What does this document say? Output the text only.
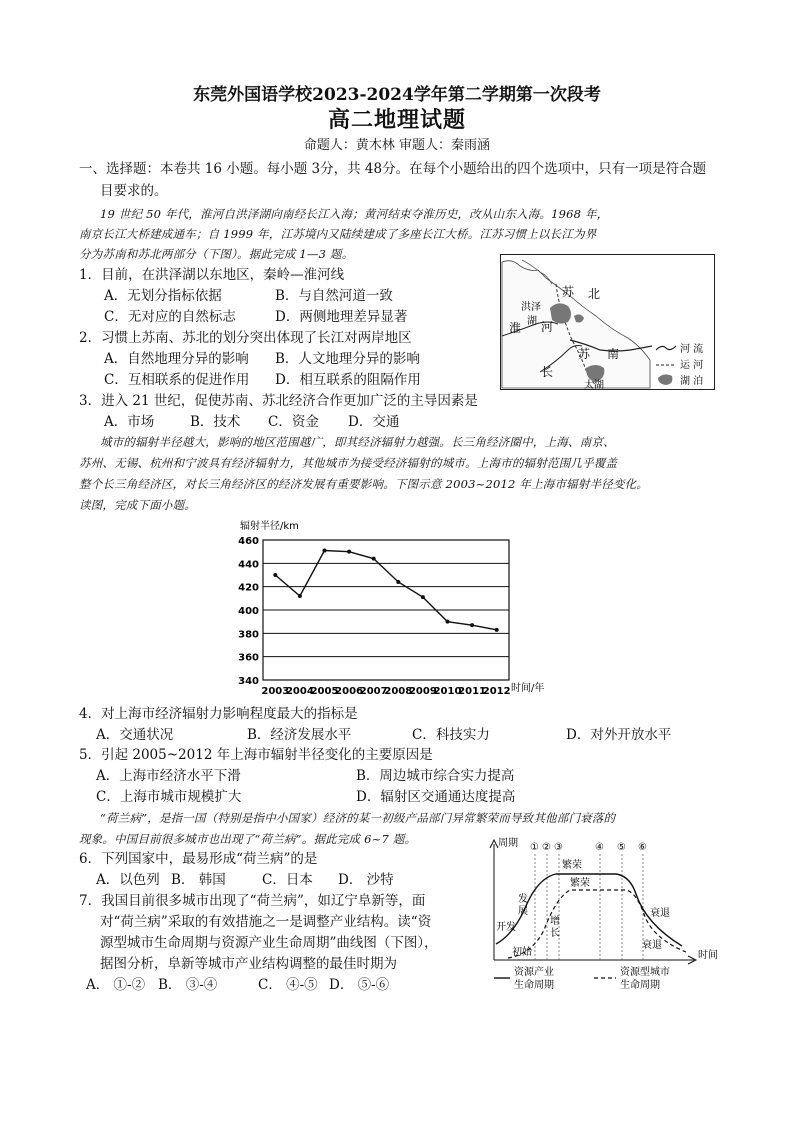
东莞外国语学校2023-2024学年第二学期第一次段考
高二地理试题
命题人：黄木林 审题人：秦雨涵
一、选择题：本卷共 16 小题。每小题 3分，共 48分。在每个小题给出的四个选项中，只有一项是符合题
目要求的。
19 世纪 50 年代，淮河自洪泽湖向南经长江入海；黄河结束夺淮历史，改从山东入海。1968 年，
南京长江大桥建成通车；自 1999 年，江苏境内又陆续建成了多座长江大桥。江苏习惯上以长江为界
分为苏南和苏北两部分（下图）。据此完成 1—3 题。
1．目前，在洪泽湖以东地区，秦岭—淮河线
A．无划分指标依据	B．与自然河道一致
C．无对应的自然标志	D．两侧地理差异显著
2．习惯上苏南、苏北的划分突出体现了长江对两岸地区
A．自然地理分异的影响 B．人文地理分异的影响
C．互相联系的促进作用 D．相互联系的阻隔作用
3．进入 21 世纪，促使苏南、苏北经济合作更加广泛的主导因素是
A．市场	B．技术 C．资金 D．交通
苏 北
洪泽
湖
淮 河
长
苏 南
太湖
河 流
运 河
湖 泊
城市的辐射半径越大，影响的地区范围越广，即其经济辐射力越强。长三角经济圈中，上海、南京、
苏州、无锡、杭州和宁波具有经济辐射力，其他城市为接受经济辐射的城市。上海市的辐射范围几乎覆盖
整个长三角经济区，对长三角经济区的经济发展有重要影响。下图示意 2003~2012 年上海市辐射半径变化。
读图，完成下面小题。
辐射半径/km
340
360
380
400
420
440
460
2003
2004
2005
2006
2007
2008
2009
2010
2011
2012 时间/年
4．对上海市经济辐射力影响程度最大的指标是
A．交通状况	B．经济发展水平	C．科技实力	D．对外开放水平
5．引起 2005~2012 年上海市辐射半径变化的主要原因是
A．上海市经济水平下滑	B．周边城市综合实力提高
C．上海市城市规模扩大	D．辐射区交通通达度提高
“荷兰病”，是指一国（特别是指中小国家）经济的某一初级产品部门异常繁荣而导致其他部门衰落的
现象。中国目前很多城市也出现了“荷兰病”。据此完成 6~7 题。
6．下列国家中，最易形成“荷兰病”的是
A．以色列 B． 韩国	C．日本 D． 沙特
7．我国目前很多城市出现了“荷兰病”，如辽宁阜新等，面
对“荷兰病”采取的有效措施之一是调整产业结构。读“资
源型城市生命周期与资源产业生命周期”曲线图（下图），
据图分析，阜新等城市产业结构调整的最佳时期为
A． ①-② B． ③-④	C． ④-⑤ D． ⑤-⑥
周期
时间
① ② ③	④ ⑤ ⑥
开发
发
展
繁荣
繁荣
衰退
衰退
初始
增
长
资源产业
生命周期
资源型城市
生命周期
